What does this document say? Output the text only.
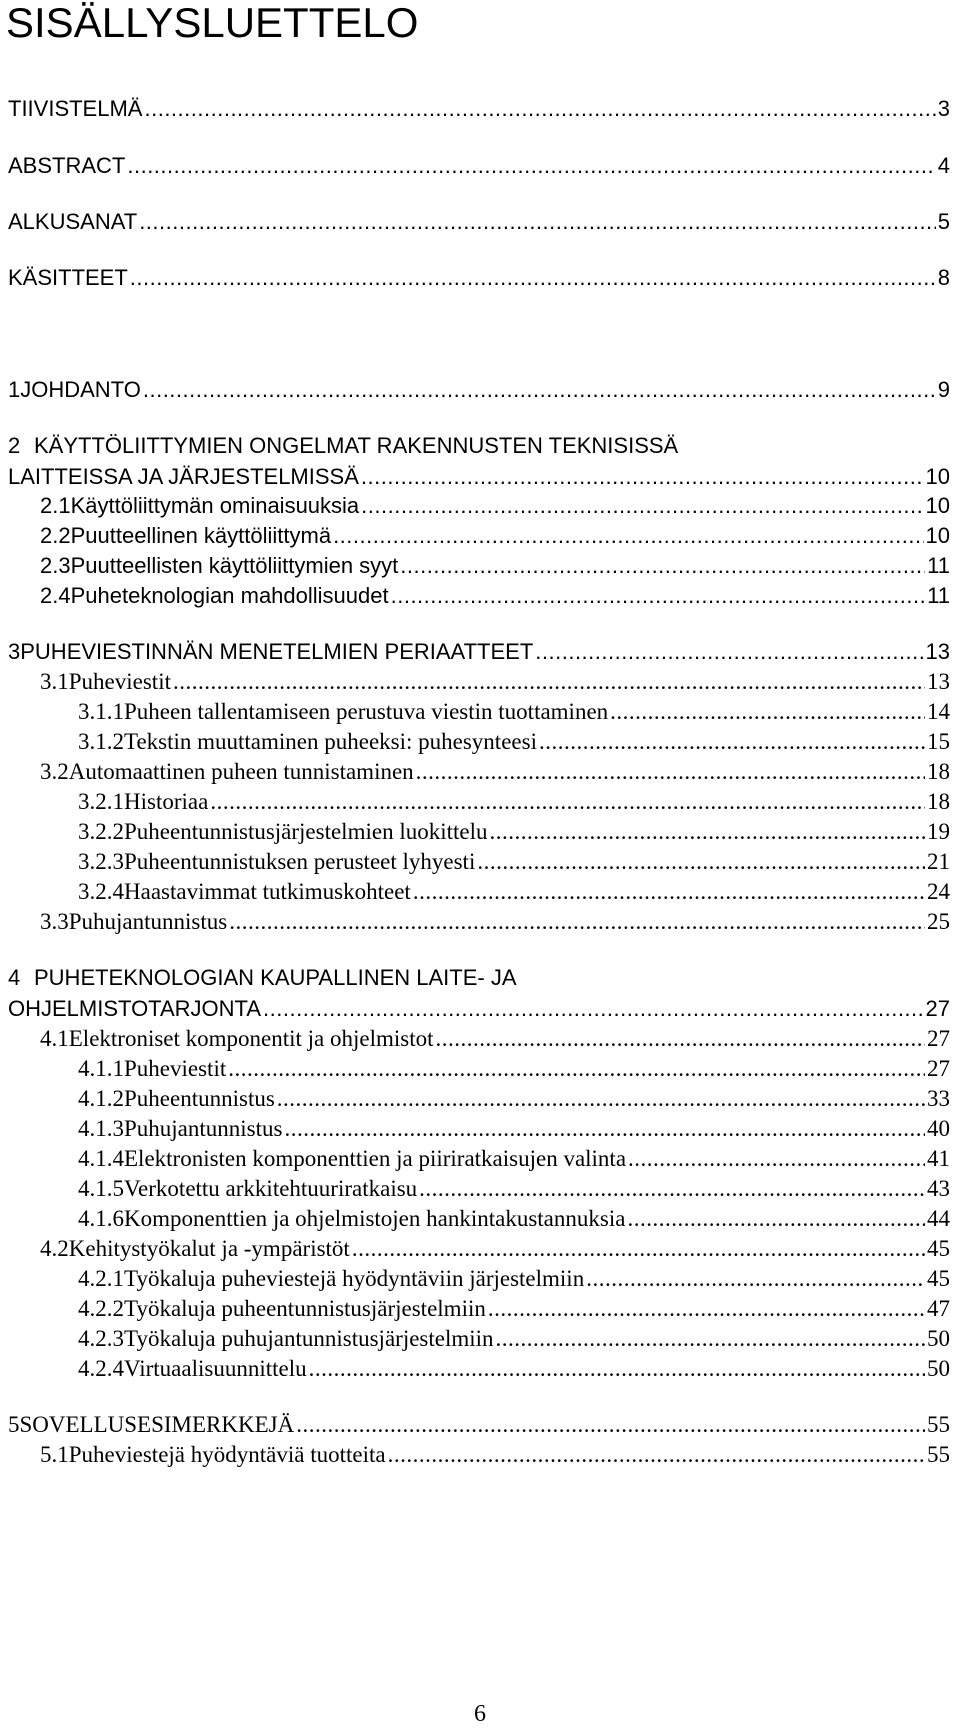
SISÄLLYSLUETTELO
TIIVISTELMÄ .....	3
ABSTRACT .....	4
ALKUSANAT .....	5
KÄSITTEET .....	8
1 JOHDANTO .....	9
2 KÄYTTÖLIITTYMIEN ONGELMAT RAKENNUSTEN TEKNISISSÄ
LAITTEISSA JA JÄRJESTELMISSÄ .....	10
2.1 Käyttöliittymän ominaisuuksia .....	10
2.2 Puutteellinen käyttöliittymä .....	10
2.3 Puutteellisten käyttöliittymien syyt .....	11
2.4 Puheteknologian mahdollisuudet .....	11
3 PUHEVIESTINNÄN MENETELMIEN PERIAATTEET .....	13
3.1 Puheviestit .....	13
3.1.1 Puheen tallentamiseen perustuva viestin tuottaminen .....	14
3.1.2 Tekstin muuttaminen puheeksi: puhesynteesi .....	15
3.2 Automaattinen puheen tunnistaminen .....	18
3.2.1 Historiaa .....	18
3.2.2 Puheentunnistusjärjestelmien luokittelu .....	19
3.2.3 Puheentunnistuksen perusteet lyhyesti .....	21
3.2.4 Haastavimmat tutkimuskohteet .....	24
3.3 Puhujantunnistus .....	25
4 PUHETEKNOLOGIAN KAUPALLINEN LAITE- JA
OHJELMISTOTARJONTA .....	27
4.1 Elektroniset komponentit ja ohjelmistot .....	27
4.1.1 Puheviestit .....	27
4.1.2 Puheentunnistus .....	33
4.1.3 Puhujantunnistus .....	40
4.1.4 Elektronisten komponenttien ja piiriratkaisujen valinta .....	41
4.1.5 Verkotettu arkkitehtuuriratkaisu .....	43
4.1.6 Komponenttien ja ohjelmistojen hankintakustannuksia .....	44
4.2 Kehitystyökalut ja -ympäristöt .....	45
4.2.1 Työkaluja puheviestejä hyödyntäviin järjestelmiin .....	45
4.2.2 Työkaluja puheentunnistusjärjestelmiin .....	47
4.2.3 Työkaluja puhujantunnistusjärjestelmiin .....	50
4.2.4 Virtuaalisuunnittelu .....	50
5 SOVELLUSESIMERKKEJÄ .....	55
5.1 Puheviestejä hyödyntäviä tuotteita .....	55
6
